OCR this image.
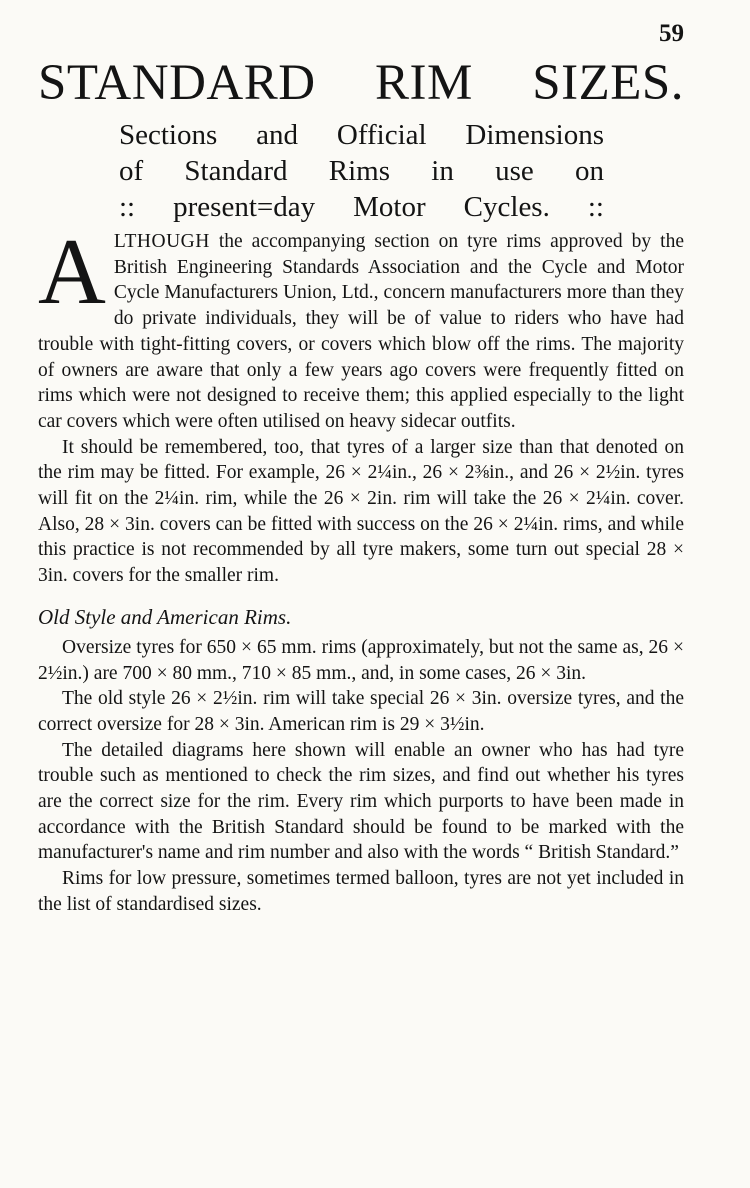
59
STANDARD RIM SIZES.
Sections and Official Dimensions
of Standard Rims in use on
:: present=day Motor Cycles. ::

ALTHOUGH the accompanying section on tyre rims approved by the British Engineering Standards Association and the Cycle and Motor Cycle Manufacturers Union, Ltd., concern manufacturers more than they do private individuals, they will be of value to riders who have had trouble with tight-fitting covers, or covers which blow off the rims. The majority of owners are aware that only a few years ago covers were frequently fitted on rims which were not designed to receive them; this applied especially to the light car covers which were often utilised on heavy sidecar outfits.

It should be remembered, too, that tyres of a larger size than that denoted on the rim may be fitted. For example, 26 × 2¼in., 26 × 2⅜in., and 26 × 2½in. tyres will fit on the 2¼in. rim, while the 26 × 2in. rim will take the 26 × 2¼in. cover. Also, 28 × 3in. covers can be fitted with success on the 26 × 2¼in. rims, and while this practice is not recommended by all tyre makers, some turn out special 28 × 3in. covers for the smaller rim.

Old Style and American Rims.

Oversize tyres for 650 × 65 mm. rims (approximately, but not the same as, 26 × 2½in.) are 700 × 80 mm., 710 × 85 mm., and, in some cases, 26 × 3in.

The old style 26 × 2½in. rim will take special 26 × 3in. oversize tyres, and the correct oversize for 28 × 3in. American rim is 29 × 3½in.

The detailed diagrams here shown will enable an owner who has had tyre trouble such as mentioned to check the rim sizes, and find out whether his tyres are the correct size for the rim. Every rim which purports to have been made in accordance with the British Standard should be found to be marked with the manufacturer's name and rim number and also with the words “ British Standard.”

Rims for low pressure, sometimes termed balloon, tyres are not yet included in the list of standardised sizes.
